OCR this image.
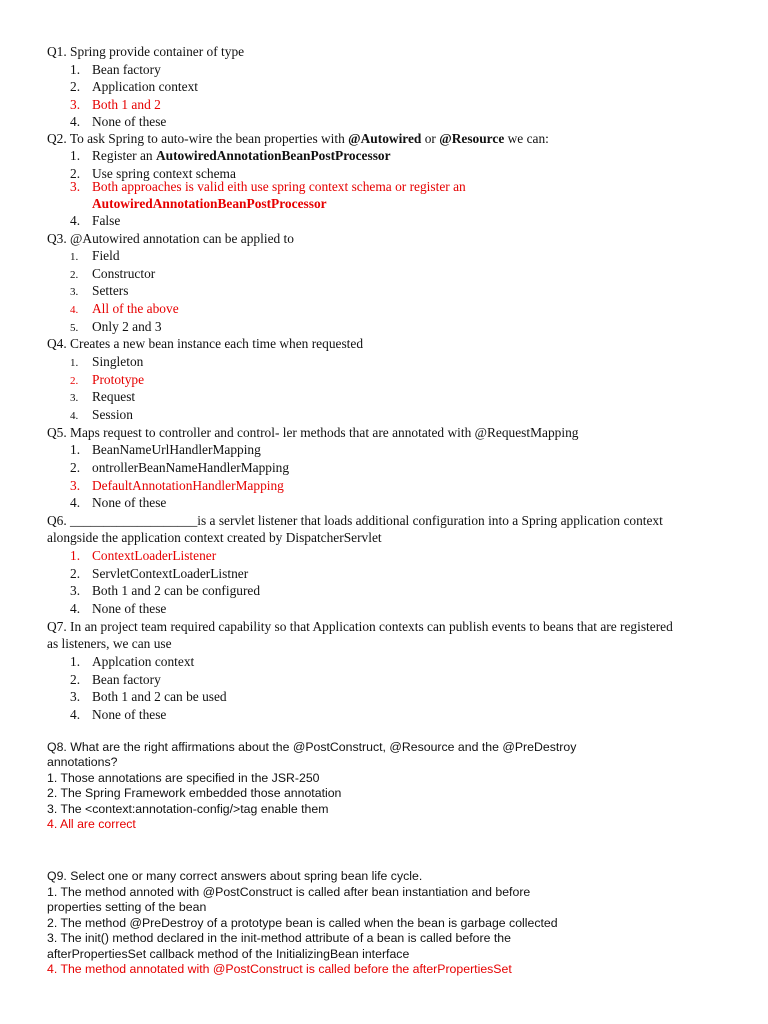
Q1. Spring provide container of type
1. Bean factory
2. Application context
3. Both 1 and 2
4. None of these
Q2. To ask Spring to auto-wire the bean properties with @Autowired or @Resource we can:
1. Register an AutowiredAnnotationBeanPostProcessor
2. Use spring context schema
3. Both approaches is valid eith use spring context schema or register an
AutowiredAnnotationBeanPostProcessor
4. False
Q3. @Autowired annotation can be applied to
1. Field
2. Constructor
3. Setters
4. All of the above
5. Only 2 and 3
Q4. Creates a new bean instance each time when requested
1. Singleton
2. Prototype
3. Request
4. Session
Q5. Maps request to controller and control- ler methods that are annotated with @RequestMapping
1. BeanNameUrlHandlerMapping
2. ontrollerBeanNameHandlerMapping
3. DefaultAnnotationHandlerMapping
4. None of these
Q6. ___________________is a servlet listener that loads additional configuration into a Spring application context
alongside the application context created by DispatcherServlet
1. ContextLoaderListener
2. ServletContextLoaderListner
3. Both 1 and 2 can be configured
4. None of these
Q7. In an project team required capability so that Application contexts can publish events to beans that are registered
as listeners, we can use
1. Applcation context
2. Bean factory
3. Both 1 and 2 can be used
4. None of these
Q8. What are the right affirmations about the @PostConstruct, @Resource and the @PreDestroy
annotations?
1. Those annotations are specified in the JSR-250
2. The Spring Framework embedded those annotation
3. The <context:annotation-config/>tag enable them
4. All are correct
Q9. Select one or many correct answers about spring bean life cycle.
1. The method annoted with @PostConstruct is called after bean instantiation and before
properties setting of the bean
2. The method @PreDestroy of a prototype bean is called when the bean is garbage collected
3. The init() method declared in the init-method attribute of a bean is called before the
afterPropertiesSet callback method of the InitializingBean interface
4. The method annotated with @PostConstruct is called before the afterPropertiesSet
